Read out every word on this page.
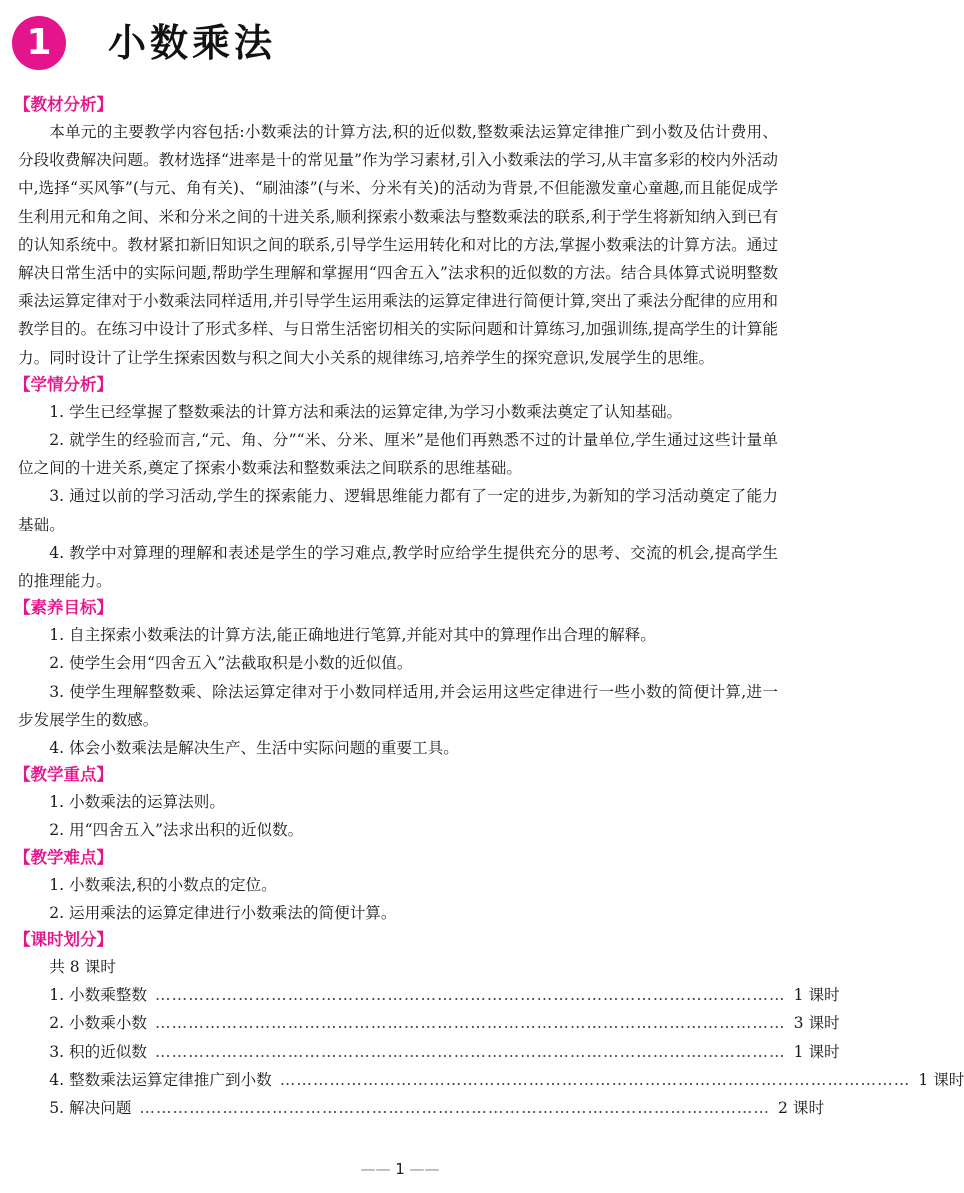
1	小数乘法
【教材分析】

本单元的主要教学内容包括:小数乘法的计算方法,积的近似数,整数乘法运算定律推广到小数及估计费用、分段收费解决问题。教材选择“进率是十的常见量”作为学习素材,引入小数乘法的学习,从丰富多彩的校内外活动中,选择“买风筝”(与元、角有关)、“刷油漆”(与米、分米有关)的活动为背景,不但能激发童心童趣,而且能促成学生利用元和角之间、米和分米之间的十进关系,顺利探索小数乘法与整数乘法的联系,利于学生将新知纳入到已有的认知系统中。教材紧扣新旧知识之间的联系,引导学生运用转化和对比的方法,掌握小数乘法的计算方法。通过解决日常生活中的实际问题,帮助学生理解和掌握用“四舍五入”法求积的近似数的方法。结合具体算式说明整数乘法运算定律对于小数乘法同样适用,并引导学生运用乘法的运算定律进行简便计算,突出了乘法分配律的应用和教学目的。在练习中设计了形式多样、与日常生活密切相关的实际问题和计算练习,加强训练,提高学生的计算能力。同时设计了让学生探索因数与积之间大小关系的规律练习,培养学生的探究意识,发展学生的思维。

【学情分析】

1. 学生已经掌握了整数乘法的计算方法和乘法的运算定律,为学习小数乘法奠定了认知基础。

2. 就学生的经验而言,“元、角、分”“米、分米、厘米”是他们再熟悉不过的计量单位,学生通过这些计量单位之间的十进关系,奠定了探索小数乘法和整数乘法之间联系的思维基础。

3. 通过以前的学习活动,学生的探索能力、逻辑思维能力都有了一定的进步,为新知的学习活动奠定了能力基础。

4. 教学中对算理的理解和表述是学生的学习难点,教学时应给学生提供充分的思考、交流的机会,提高学生的推理能力。

【素养目标】

1. 自主探索小数乘法的计算方法,能正确地进行笔算,并能对其中的算理作出合理的解释。

2. 使学生会用“四舍五入”法截取积是小数的近似值。

3. 使学生理解整数乘、除法运算定律对于小数同样适用,并会运用这些定律进行一些小数的简便计算,进一步发展学生的数感。

4. 体会小数乘法是解决生产、生活中实际问题的重要工具。

【教学重点】

1. 小数乘法的运算法则。

2. 用“四舍五入”法求出积的近似数。

【教学难点】

1. 小数乘法,积的小数点的定位。

2. 运用乘法的运算定律进行小数乘法的简便计算。

【课时划分】

共 8 课时

1. 小数乘整数 …………………………………………………………………………………………………… 1 课时
2. 小数乘小数 …………………………………………………………………………………………………… 3 课时
3. 积的近似数 …………………………………………………………………………………………………… 1 课时
4. 整数乘法运算定律推广到小数 …………………………………………………………………………………………………… 1 课时
5. 解决问题 …………………………………………………………………………………………………… 2 课时
—— 1 ——
